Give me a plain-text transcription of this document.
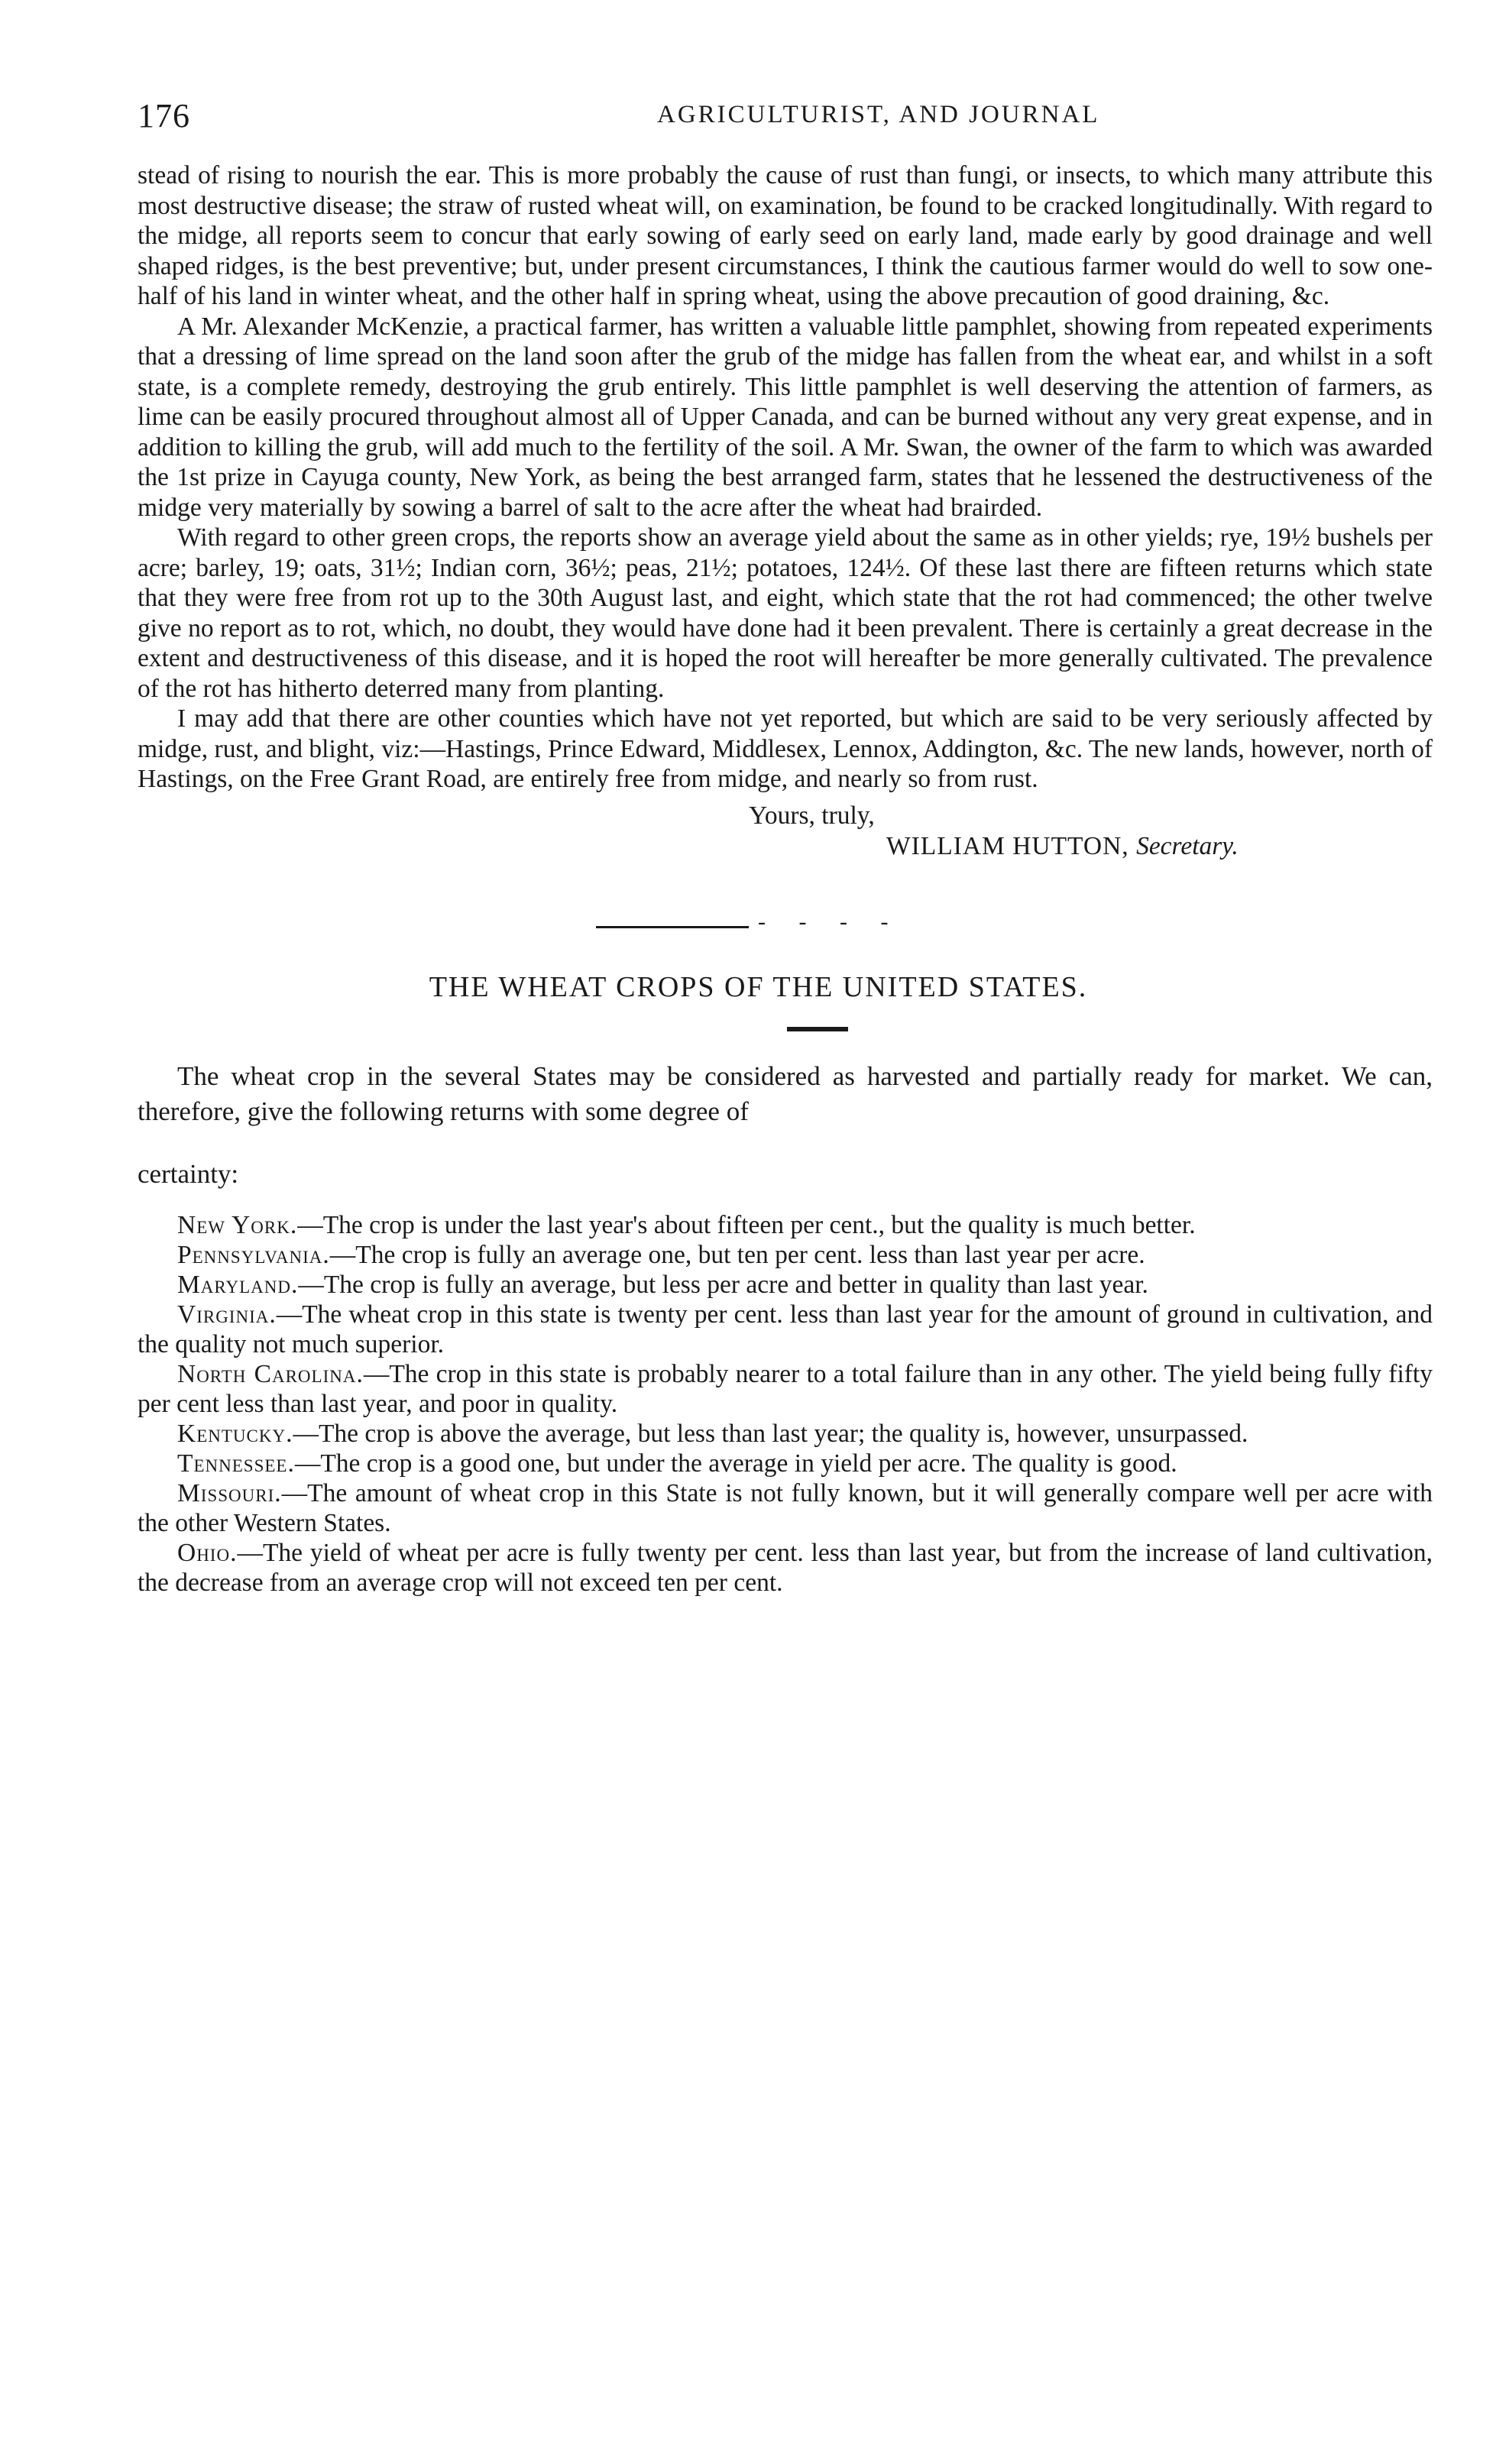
176	AGRICULTURIST, AND JOURNAL

stead of rising to nourish the ear. This is more probably the cause of rust than fungi, or insects, to which many attribute this most destructive disease; the straw of rusted wheat will, on examination, be found to be cracked longitudinally. With regard to the midge, all reports seem to concur that early sowing of early seed on early land, made early by good drainage and well shaped ridges, is the best preventive; but, under present circumstances, I think the cautious farmer would do well to sow one-half of his land in winter wheat, and the other half in spring wheat, using the above precaution of good draining, &c.

A Mr. Alexander McKenzie, a practical farmer, has written a valuable little pamphlet, showing from repeated experiments that a dressing of lime spread on the land soon after the grub of the midge has fallen from the wheat ear, and whilst in a soft state, is a complete remedy, destroying the grub entirely. This little pamphlet is well deserving the attention of farmers, as lime can be easily procured throughout almost all of Upper Canada, and can be burned without any very great expense, and in addition to killing the grub, will add much to the fertility of the soil. A Mr. Swan, the owner of the farm to which was awarded the 1st prize in Cayuga county, New York, as being the best arranged farm, states that he lessened the destructiveness of the midge very materially by sowing a barrel of salt to the acre after the wheat had brairded.

With regard to other green crops, the reports show an average yield about the same as in other yields; rye, 19½ bushels per acre; barley, 19; oats, 31½; Indian corn, 36½; peas, 21½; potatoes, 124½. Of these last there are fifteen returns which state that they were free from rot up to the 30th August last, and eight, which state that the rot had commenced; the other twelve give no report as to rot, which, no doubt, they would have done had it been prevalent. There is certainly a great decrease in the extent and destructiveness of this disease, and it is hoped the root will hereafter be more generally cultivated. The prevalence of the rot has hitherto deterred many from planting.

I may add that there are other counties which have not yet reported, but which are said to be very seriously affected by midge, rust, and blight, viz:—Hastings, Prince Edward, Middlesex, Lennox, Addington, &c. The new lands, however, north of Hastings, on the Free Grant Road, are entirely free from midge, and nearly so from rust.

Yours, truly,
WILLIAM HUTTON, Secretary.
- - - -
THE WHEAT CROPS OF THE UNITED STATES.
The wheat crop in the several States may be considered as harvested and partially ready for market. We can, therefore, give the following returns with some degree of
certainty:

New York.—The crop is under the last year's about fifteen per cent., but the quality is much better.

Pennsylvania.—The crop is fully an average one, but ten per cent. less than last year per acre.

Maryland.—The crop is fully an average, but less per acre and better in quality than last year.

Virginia.—The wheat crop in this state is twenty per cent. less than last year for the amount of ground in cultivation, and the quality not much superior.

North Carolina.—The crop in this state is probably nearer to a total failure than in any other. The yield being fully fifty per cent less than last year, and poor in quality.

Kentucky.—The crop is above the average, but less than last year; the quality is, however, unsurpassed.

Tennessee.—The crop is a good one, but under the average in yield per acre. The quality is good.

Missouri.—The amount of wheat crop in this State is not fully known, but it will generally compare well per acre with the other Western States.

Ohio.—The yield of wheat per acre is fully twenty per cent. less than last year, but from the increase of land cultivation, the decrease from an average crop will not exceed ten per cent.
